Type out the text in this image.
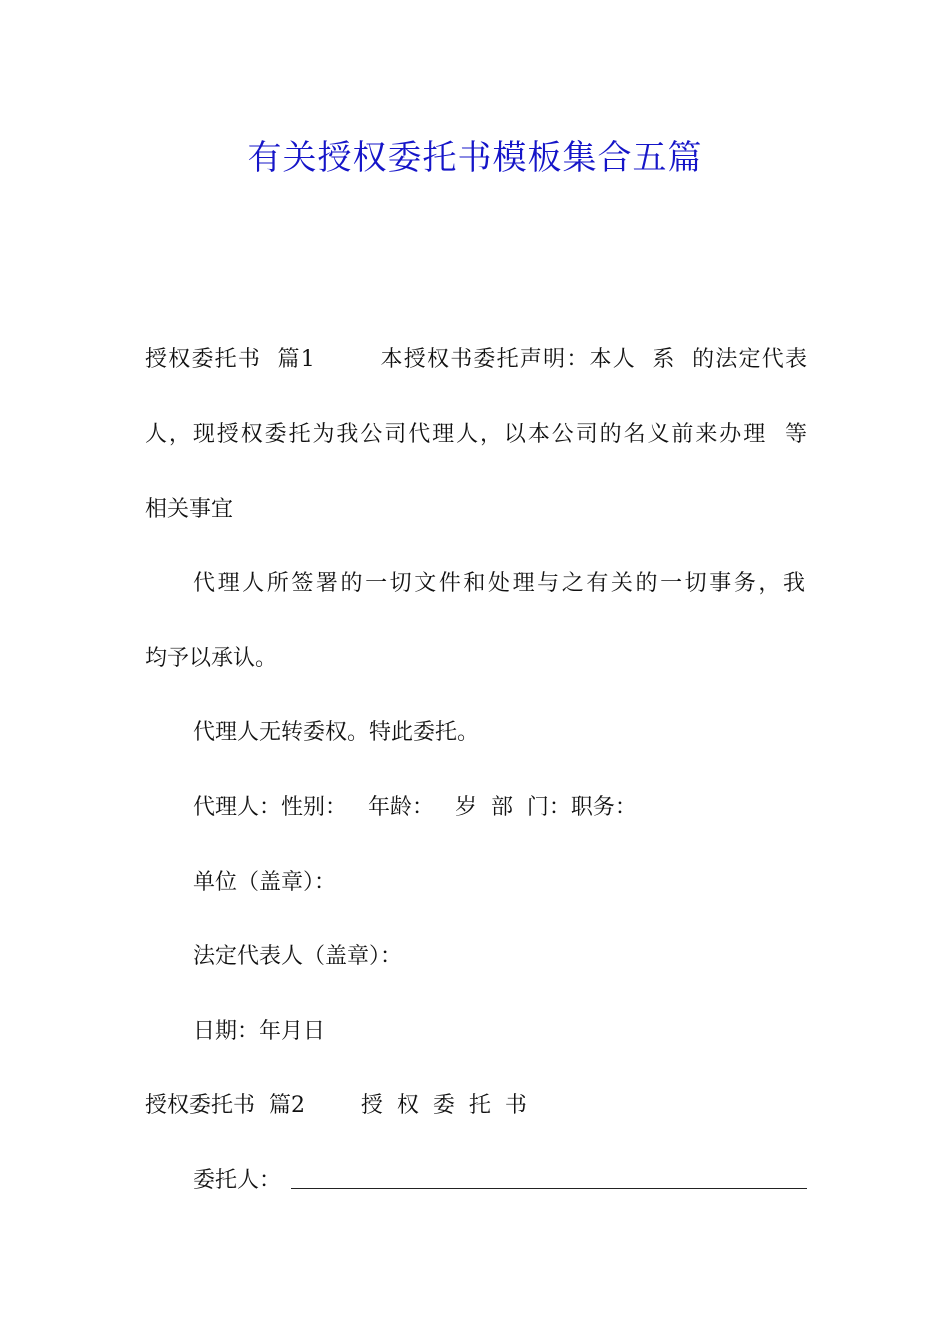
有关授权委托书模板集合五篇
授权委托书  篇1        本授权书委托声明：本人  系  的法定代表
人，现授权委托为我公司代理人，以本公司的名义前来办理  等
相关事宜
代理人所签署的一切文件和处理与之有关的一切事务，我
均予以承认。
代理人无转委权。特此委托。
代理人：性别：   年龄：   岁  部  门：职务：
单位（盖章）：
法定代表人（盖章）：
日期：年月日
授权委托书  篇2        授  权  委  托  书
委托人：
